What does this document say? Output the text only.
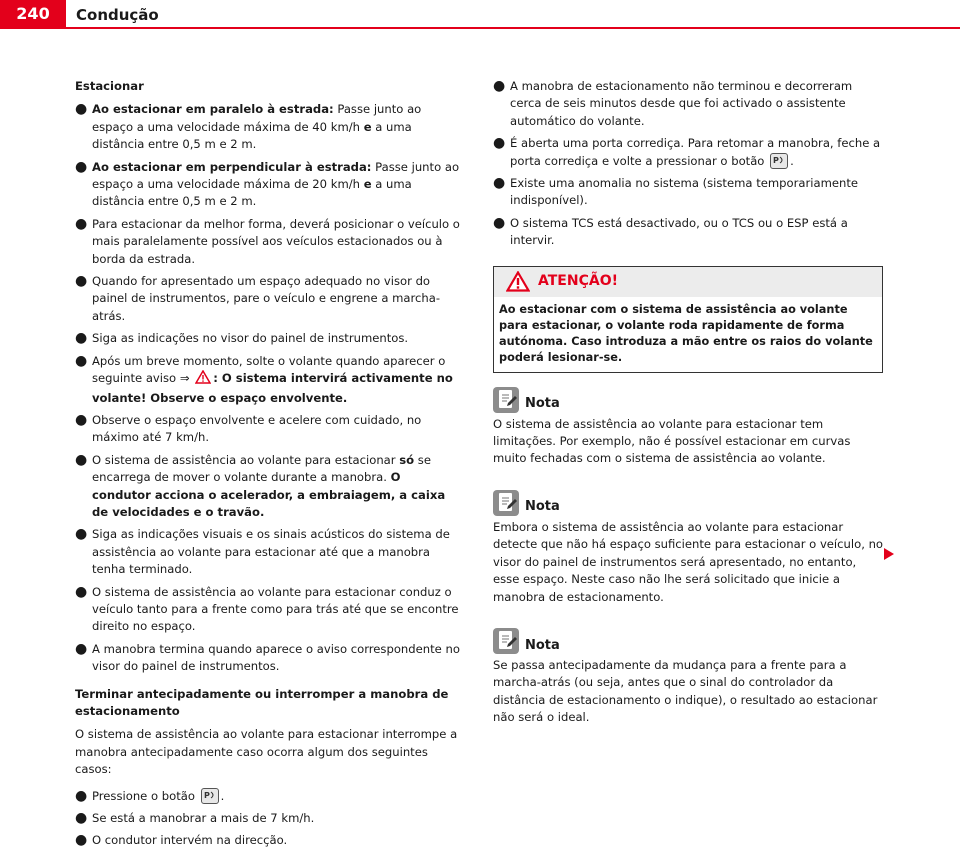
240	Condução

Estacionar

● Ao estacionar em paralelo à estrada: Passe junto ao espaço a uma velocidade máxima de 40 km/h e a uma distância entre 0,5 m e 2 m.
● Ao estacionar em perpendicular à estrada: Passe junto ao espaço a uma velocidade máxima de 20 km/h e a uma distância entre 0,5 m e 2 m.
● Para estacionar da melhor forma, deverá posicionar o veículo o mais paralelamente possível aos veículos estacionados ou à borda da estrada.
● Quando for apresentado um espaço adequado no visor do painel de instrumentos, pare o veículo e engrene a marcha-atrás.
● Siga as indicações no visor do painel de instrumentos.
● Após um breve momento, solte o volante quando aparecer o seguinte aviso ⇒ : O sistema intervirá activamente no volante! Observe o espaço envolvente.
● Observe o espaço envolvente e acelere com cuidado, no máximo até 7 km/h.
● O sistema de assistência ao volante para estacionar só se encarrega de mover o volante durante a manobra. O condutor acciona o acelerador, a embraiagem, a caixa de velocidades e o travão.
● Siga as indicações visuais e os sinais acústicos do sistema de assistência ao volante para estacionar até que a manobra tenha terminado.
● O sistema de assistência ao volante para estacionar conduz o veículo tanto para a frente como para trás até que se encontre direito no espaço.
● A manobra termina quando aparece o aviso correspondente no visor do painel de instrumentos.

Terminar antecipadamente ou interromper a manobra de estacionamento

O sistema de assistência ao volante para estacionar interrompe a manobra antecipadamente caso ocorra algum dos seguintes casos:

● Pressione o botão P .
● Se está a manobrar a mais de 7 km/h.
● O condutor intervém na direcção.
● A manobra de estacionamento não terminou e decorreram cerca de seis minutos desde que foi activado o assistente automático do volante.
● É aberta uma porta corrediça. Para retomar a manobra, feche a porta corrediça e volte a pressionar o botão P .
● Existe uma anomalia no sistema (sistema temporariamente indisponível).
● O sistema TCS está desactivado, ou o TCS ou o ESP está a intervir.
ATENÇÃO!
Ao estacionar com o sistema de assistência ao volante para estacionar, o volante roda rapidamente de forma autónoma. Caso introduza a mão entre os raios do volante poderá lesionar-se.
Nota

O sistema de assistência ao volante para estacionar tem limitações. Por exemplo, não é possível estacionar em curvas muito fechadas com o sistema de assistência ao volante.

Nota

Embora o sistema de assistência ao volante para estacionar detecte que não há espaço suficiente para estacionar o veículo, no visor do painel de instrumentos será apresentado, no entanto, esse espaço. Neste caso não lhe será solicitado que inicie a manobra de estacionamento.

Nota

Se passa antecipadamente da mudança para a frente para a marcha-atrás (ou seja, antes que o sinal do controlador da distância de estacionamento o indique), o resultado ao estacionar não será o ideal.
